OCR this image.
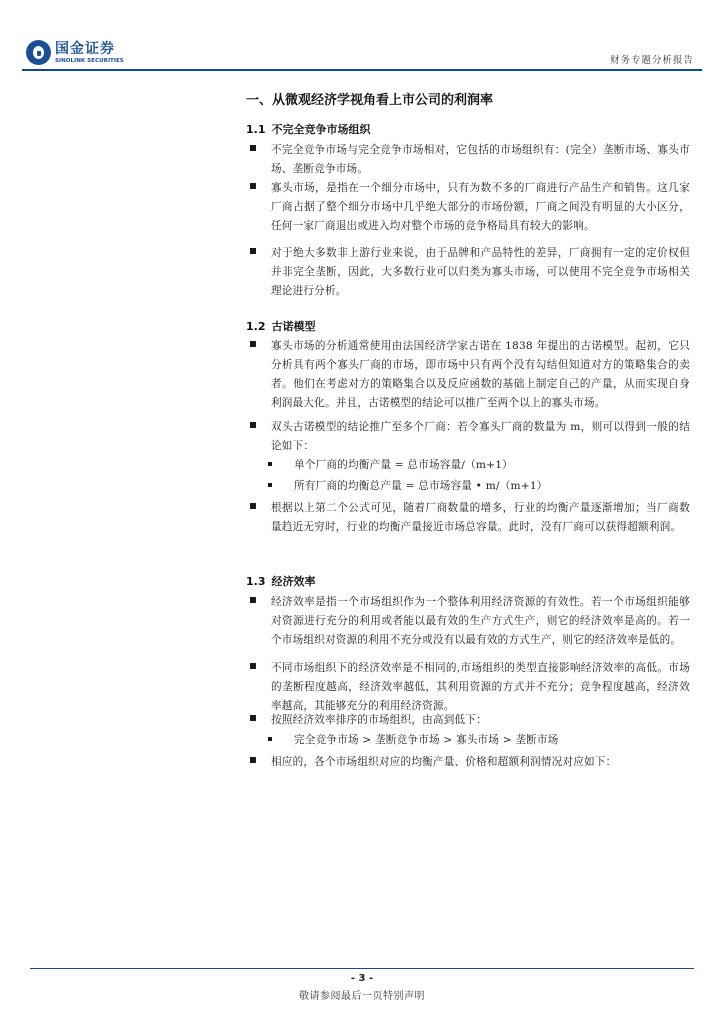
国金证券
SINOLINK SECURITIES	财务专题分析报告
一、从微观经济学视角看上市公司的利润率
1.1 不完全竞争市场组织
不完全竞争市场与完全竞争市场相对，它包括的市场组织有：(完全）垄断市场、寡头市场、垄断竞争市场。
寡头市场，是指在一个细分市场中，只有为数不多的厂商进行产品生产和销售。这几家厂商占据了整个细分市场中几乎绝大部分的市场份额，厂商之间没有明显的大小区分，任何一家厂商退出或进入均对整个市场的竞争格局具有较大的影响。
对于绝大多数非上游行业来说，由于品牌和产品特性的差异，厂商拥有一定的定价权但并非完全垄断，因此，大多数行业可以归类为寡头市场，可以使用不完全竞争市场相关理论进行分析。
1.2 古诺模型
寡头市场的分析通常使用由法国经济学家古诺在 1838 年提出的古诺模型。起初，它只分析具有两个寡头厂商的市场，即市场中只有两个没有勾结但知道对方的策略集合的卖者。他们在考虑对方的策略集合以及反应函数的基础上制定自己的产量，从而实现自身利润最大化。并且，古诺模型的结论可以推广至两个以上的寡头市场。
双头古诺模型的结论推广至多个厂商：若令寡头厂商的数量为 m，则可以得到一般的结论如下：
单个厂商的均衡产量 = 总市场容量/（m+1）
所有厂商的均衡总产量 = 总市场容量 • m/（m+1）
根据以上第二个公式可见，随着厂商数量的增多，行业的均衡产量逐渐增加；当厂商数量趋近无穷时，行业的均衡产量接近市场总容量。此时，没有厂商可以获得超额利润。
1.3 经济效率
经济效率是指一个市场组织作为一个整体利用经济资源的有效性。若一个市场组织能够对资源进行充分的利用或者能以最有效的生产方式生产，则它的经济效率是高的。若一个市场组织对资源的利用不充分或没有以最有效的方式生产，则它的经济效率是低的。
不同市场组织下的经济效率是不相同的,市场组织的类型直接影响经济效率的高低。市场的垄断程度越高，经济效率越低，其利用资源的方式并不充分；竞争程度越高，经济效率越高，其能够充分的利用经济资源。
按照经济效率排序的市场组织，由高到低下：
完全竞争市场 > 垄断竞争市场 > 寡头市场 > 垄断市场
相应的，各个市场组织对应的均衡产量、价格和超额利润情况对应如下：
- 3 -
敬请参阅最后一页特别声明
